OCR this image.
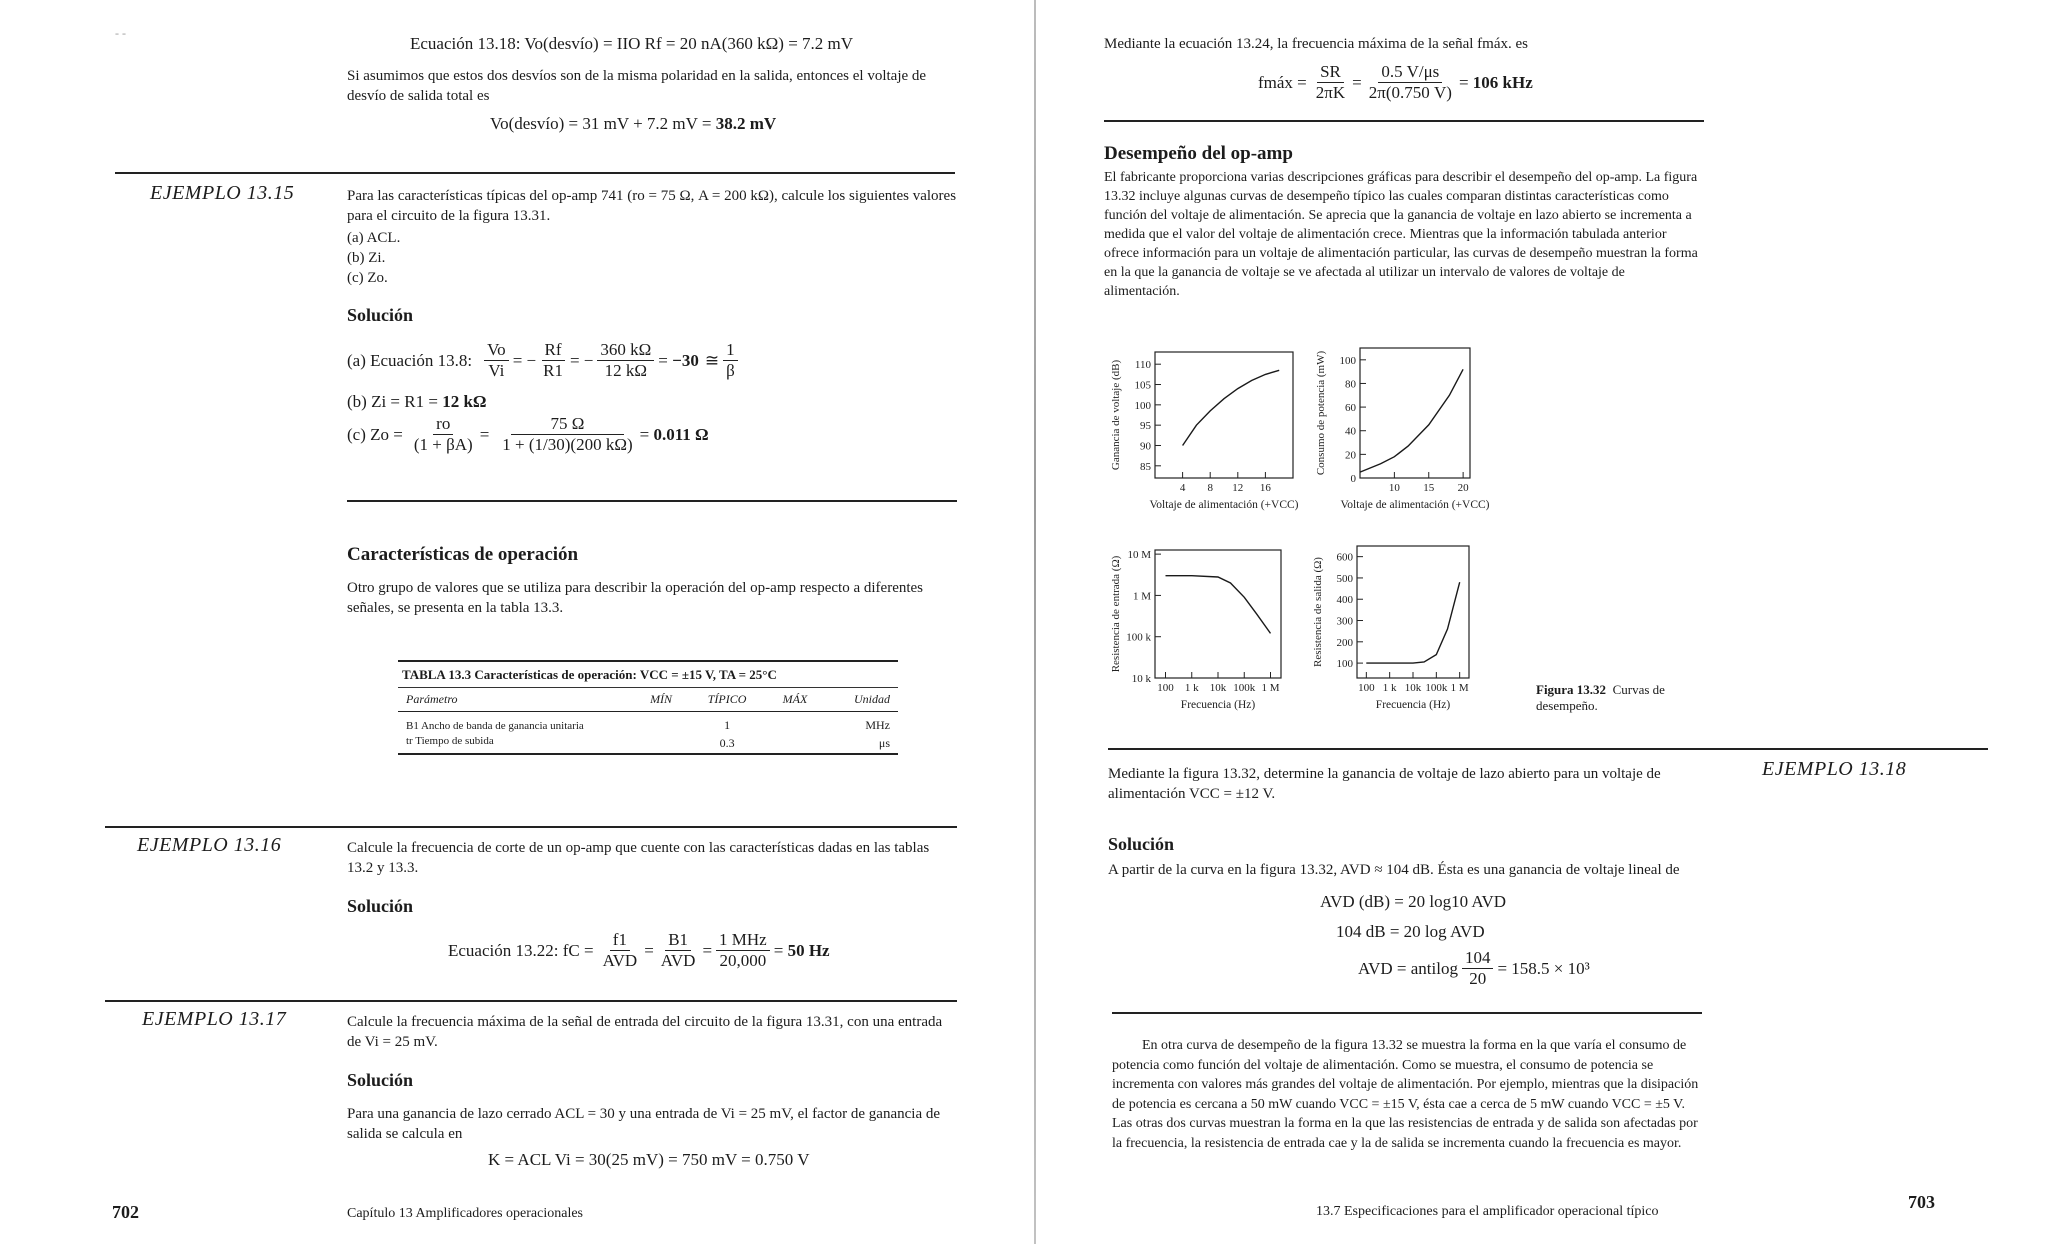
- -
Ecuación 13.18: Vo(desvío) = IIO Rf = 20 nA(360 kΩ) = 7.2 mV
Si asumimos que estos dos desvíos son de la misma polaridad en la salida, entonces el voltaje de desvío de salida total es
Vo(desvío) = 31 mV + 7.2 mV = 38.2 mV
EJEMPLO 13.15	Para las características típicas del op-amp 741 (ro = 75 Ω, A = 200 kΩ), calcule los siguientes valores para el circuito de la figura 13.31.
(a) ACL.
(b) Zi.
(c) Zo.
Solución
(a) Ecuación 13.8: $\frac{Vo}{Vi}$ = − $\frac{Rf}{R1}$ = − $\frac{360 k\Omega}{12 k\Omega} = -30$ ≅ $\frac{1}{\beta}$
(b) Zi = R1 = 12 kΩ
(c) $Zo = \frac{ro}{(1 + \beta A)} = \frac{75 \Omega}{1 + (1/30)(200 k\Omega)} = 0.011$ Ω
Características de operación
Otro grupo de valores que se utiliza para describir la operación del op-amp respecto a diferentes señales, se presenta en la tabla 13.3.
TABLA 13.3 Características de operación: VCC = ±15 V, TA = 25°C
Parámetro	MÍN	TÍPICO	MÁX	Unidad
B1 Ancho de banda de ganancia unitaria		1		MHz
tr Tiempo de subida		0.3		μs
EJEMPLO 13.16	Calcule la frecuencia de corte de un op-amp que cuente con las características dadas en las tablas 13.2 y 13.3.
Solución
Ecuación 13.22: fC = $\frac{f1}{\text{AVD}} = \frac{B1}{\text{AVD}} = \frac{\text{1 MHz}}{20,000} = 50$ Hz
EJEMPLO 13.17	Calcule la frecuencia máxima de la señal de entrada del circuito de la figura 13.31, con una entrada de Vi = 25 mV.
Solución
Para una ganancia de lazo cerrado ACL = 30 y una entrada de Vi = 25 mV, el factor de ganancia de salida se calcula en
K = ACL Vi = 30(25 mV) = 750 mV = 0.750 V
702	Capítulo 13 Amplificadores operacionales
Mediante la ecuación 13.24, la frecuencia máxima de la señal fmáx. es
fmáx = $\frac{SR}{2\pi K} = \frac{0.5 V/\mu s}{2\pi(0.750 V)} = 106$ kHz
Desempeño del op-amp
El fabricante proporciona varias descripciones gráficas para describir el desempeño del op-amp. La figura 13.32 incluye algunas curvas de desempeño típico las cuales comparan distintas características como función del voltaje de alimentación. Se aprecia que la ganancia de voltaje en lazo abierto se incrementa a medida que el valor del voltaje de alimentación crece. Mientras que la información tabulada anterior ofrece información para un voltaje de alimentación particular, las curvas de desempeño muestran la forma en la que la ganancia de voltaje se ve afectada al utilizar un intervalo de valores de voltaje de alimentación.
85
90
95
100
105
110
4 8 12 16
Voltaje de alimentación (+VCC)
Ganancia de voltaje (dB)
0
20
40
60
80
100
10 15 20
Voltaje de alimentación (+VCC)
Consumo de potencia (mW)
10 k
100 k
1 M
10 M
100 1 k 10k 100k 1 M
Frecuencia (Hz)
Resistencia de entrada (Ω)	100
200
300
400
500
600
100 1 k 10k 100k 1 M
Frecuencia (Hz)
Resistencia de salida (Ω)
Figura 13.32 Curvas de desempeño.
EJEMPLO 13.18
Mediante la figura 13.32, determine la ganancia de voltaje de lazo abierto para un voltaje de alimentación VCC = ±12 V.
Solución
A partir de la curva en la figura 13.32, AVD ≈ 104 dB. Ésta es una ganancia de voltaje lineal de
AVD (dB) = 20 log10 AVD
104 dB = 20 log AVD
AVD = antilog $\frac{104}{20} = 158.5 \times 10^3$
En otra curva de desempeño de la figura 13.32 se muestra la forma en la que varía el consumo de potencia como función del voltaje de alimentación. Como se muestra, el consumo de potencia se incrementa con valores más grandes del voltaje de alimentación. Por ejemplo, mientras que la disipación de potencia es cercana a 50 mW cuando VCC = ±15 V, ésta cae a cerca de 5 mW cuando VCC = ±5 V. Las otras dos curvas muestran la forma en la que las resistencias de entrada y de salida son afectadas por la frecuencia, la resistencia de entrada cae y la de salida se incrementa cuando la frecuencia es mayor.
13.7 Especificaciones para el amplificador operacional típico	703
